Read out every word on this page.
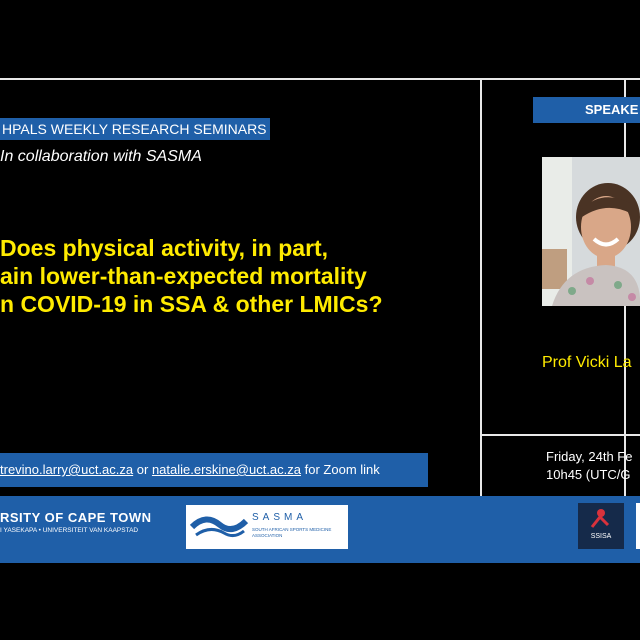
HPALS WEEKLY RESEARCH SEMINARS
In collaboration with SASMA
Does physical activity, in part,
ain lower-than-expected mortality
n COVID-19 in SSA & other LMICs?
trevino.larry@uct.ac.za or natalie.erskine@uct.ac.za for Zoom link
SPEAKE
Prof Vicki La
Friday, 24th Fe
10h45 (UTC/G
RSITY OF CAPE TOWN
I YASEKAPA • UNIVERSITEIT VAN KAAPSTAD
SASMA
SOUTH AFRICAN SPORTS MEDICINE ASSOCIATION	SSISA
